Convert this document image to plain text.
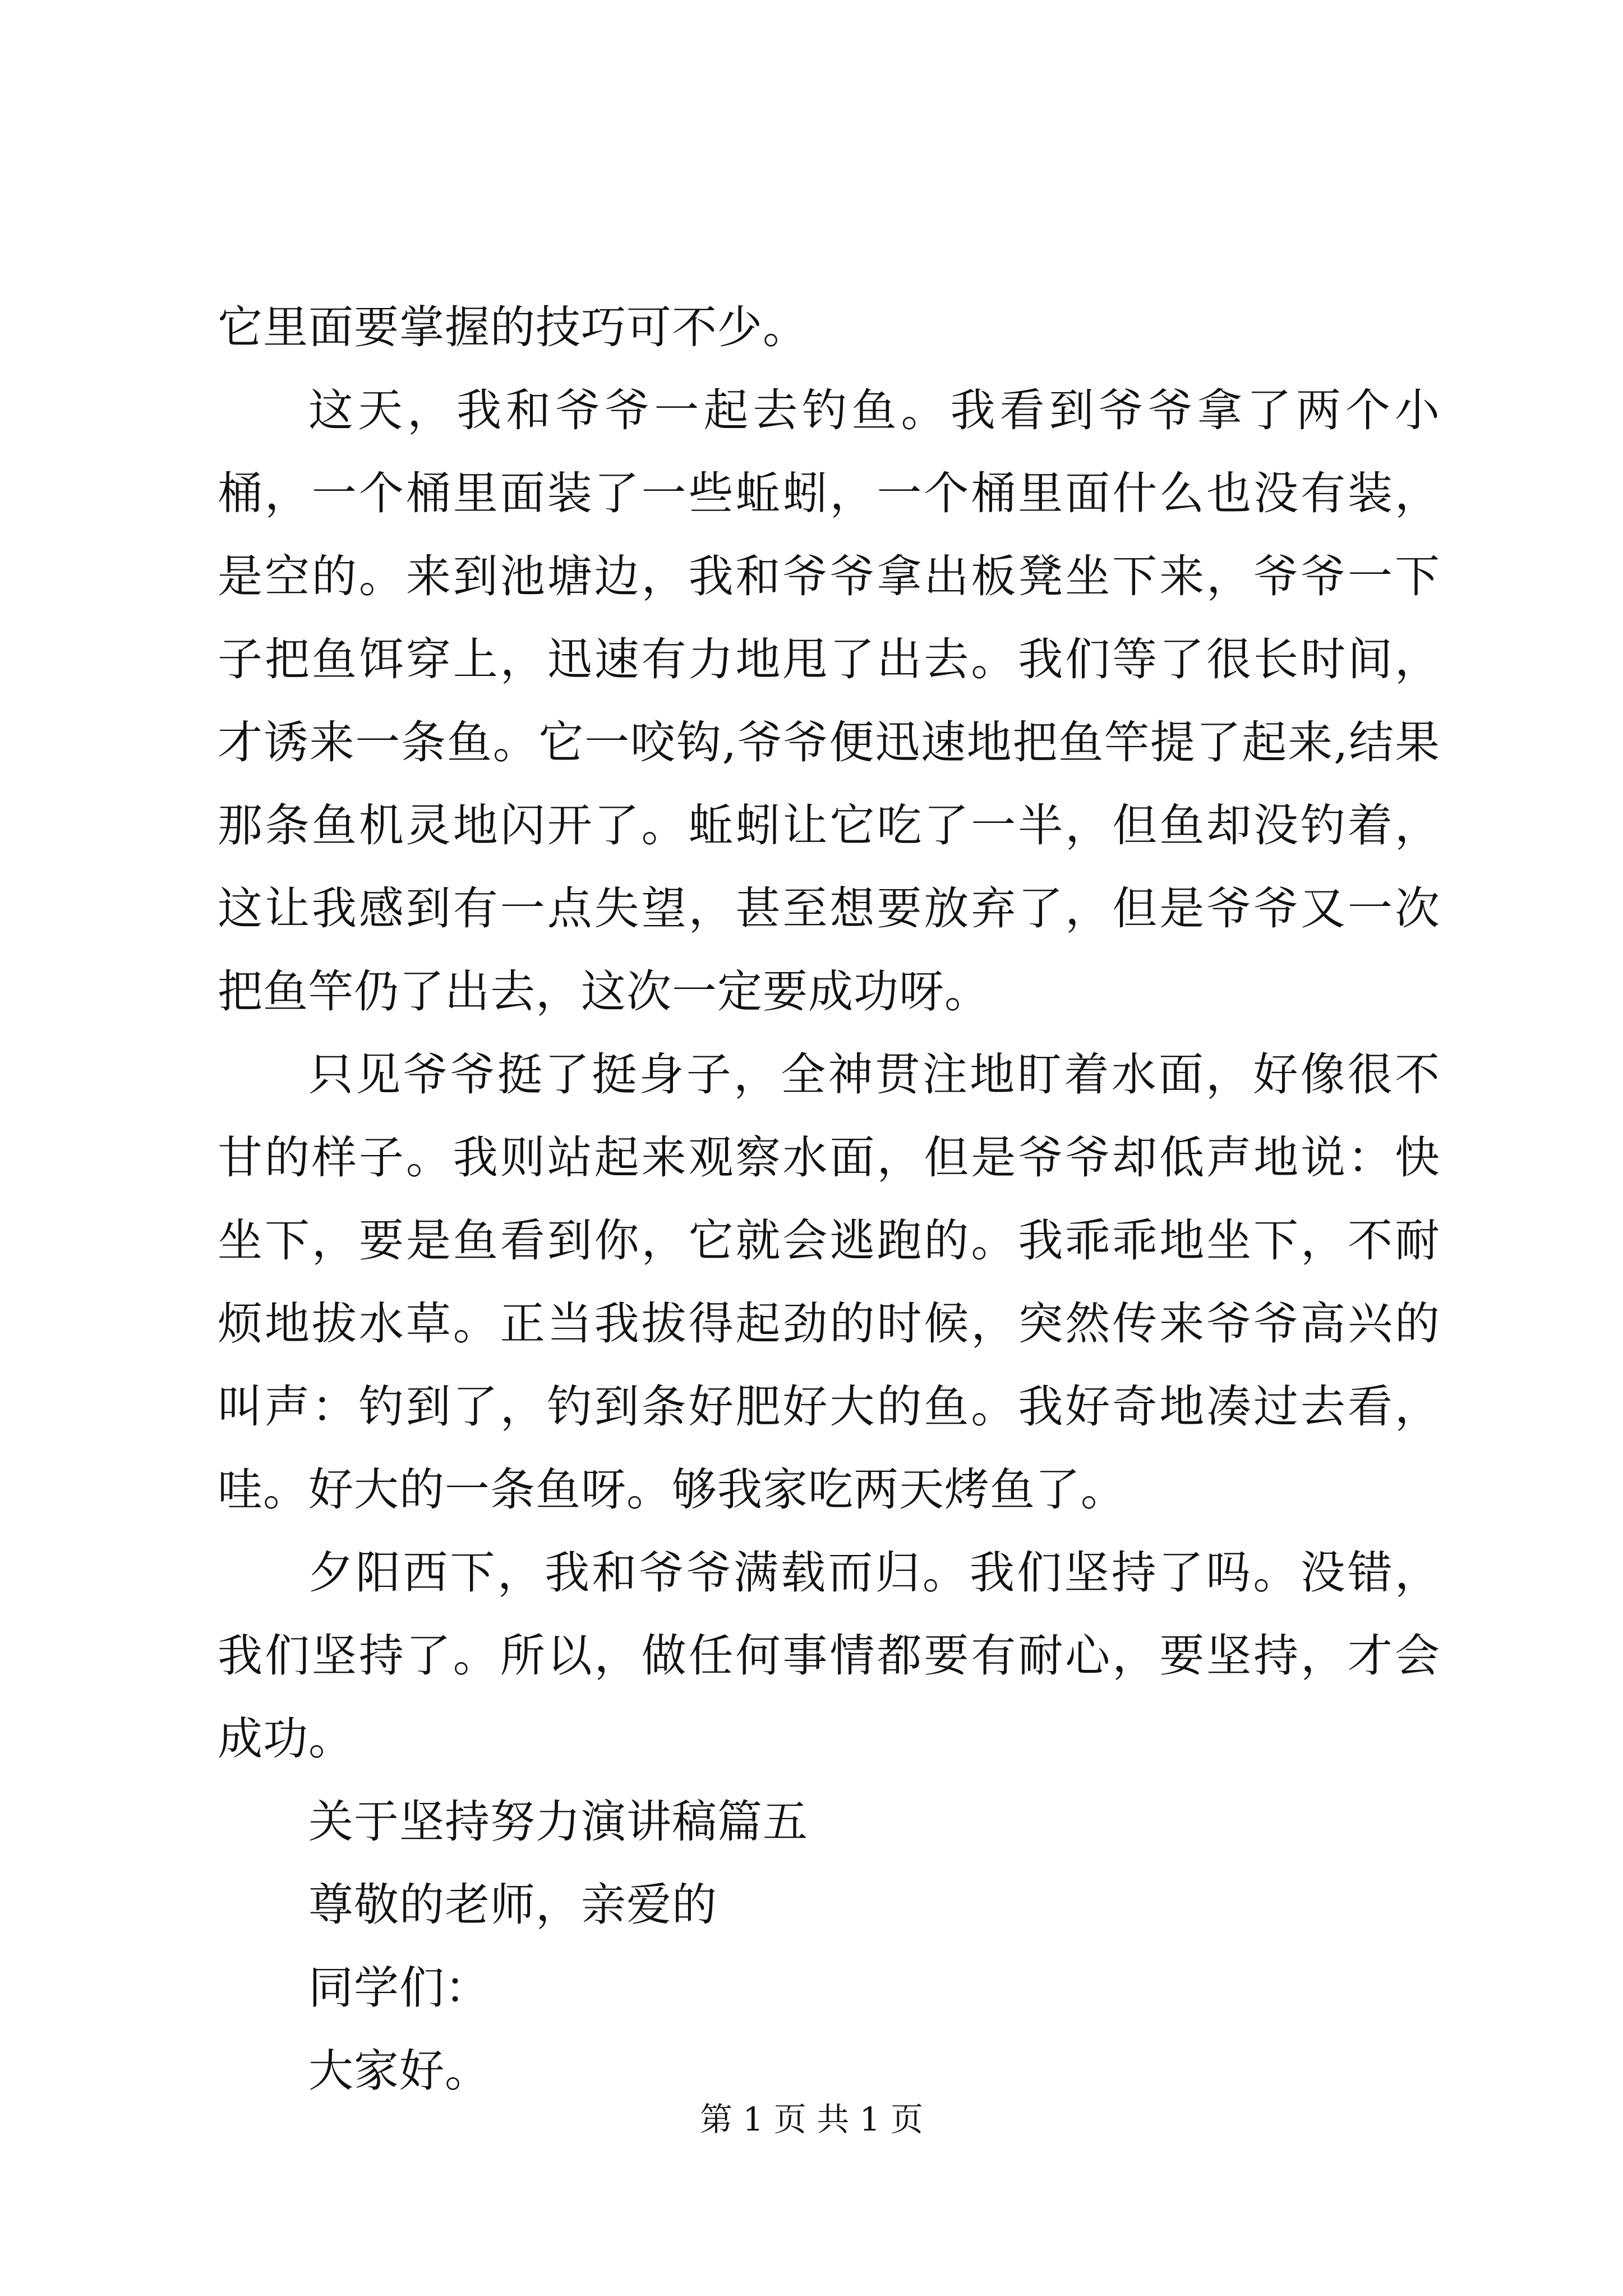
它里面要掌握的技巧可不少。

这天，我和爷爷一起去钓鱼。我看到爷爷拿了两个小桶，一个桶里面装了一些蚯蚓，一个桶里面什么也没有装，是空的。来到池塘边，我和爷爷拿出板凳坐下来，爷爷一下子把鱼饵穿上，迅速有力地甩了出去。我们等了很长时间，才诱来一条鱼。它一咬钩,爷爷便迅速地把鱼竿提了起来,结果那条鱼机灵地闪开了。蚯蚓让它吃了一半，但鱼却没钓着，这让我感到有一点失望，甚至想要放弃了，但是爷爷又一次把鱼竿仍了出去，这次一定要成功呀。

只见爷爷挺了挺身子，全神贯注地盯着水面，好像很不甘的样子。我则站起来观察水面，但是爷爷却低声地说：快坐下，要是鱼看到你，它就会逃跑的。我乖乖地坐下，不耐烦地拔水草。正当我拔得起劲的时候，突然传来爷爷高兴的叫声：钓到了，钓到条好肥好大的鱼。我好奇地凑过去看，哇。好大的一条鱼呀。够我家吃两天烤鱼了。

夕阳西下，我和爷爷满载而归。我们坚持了吗。没错，我们坚持了。所以，做任何事情都要有耐心，要坚持，才会成功。

关于坚持努力演讲稿篇五

尊敬的老师，亲爱的

同学们：

大家好。

第 1 页 共 1 页
